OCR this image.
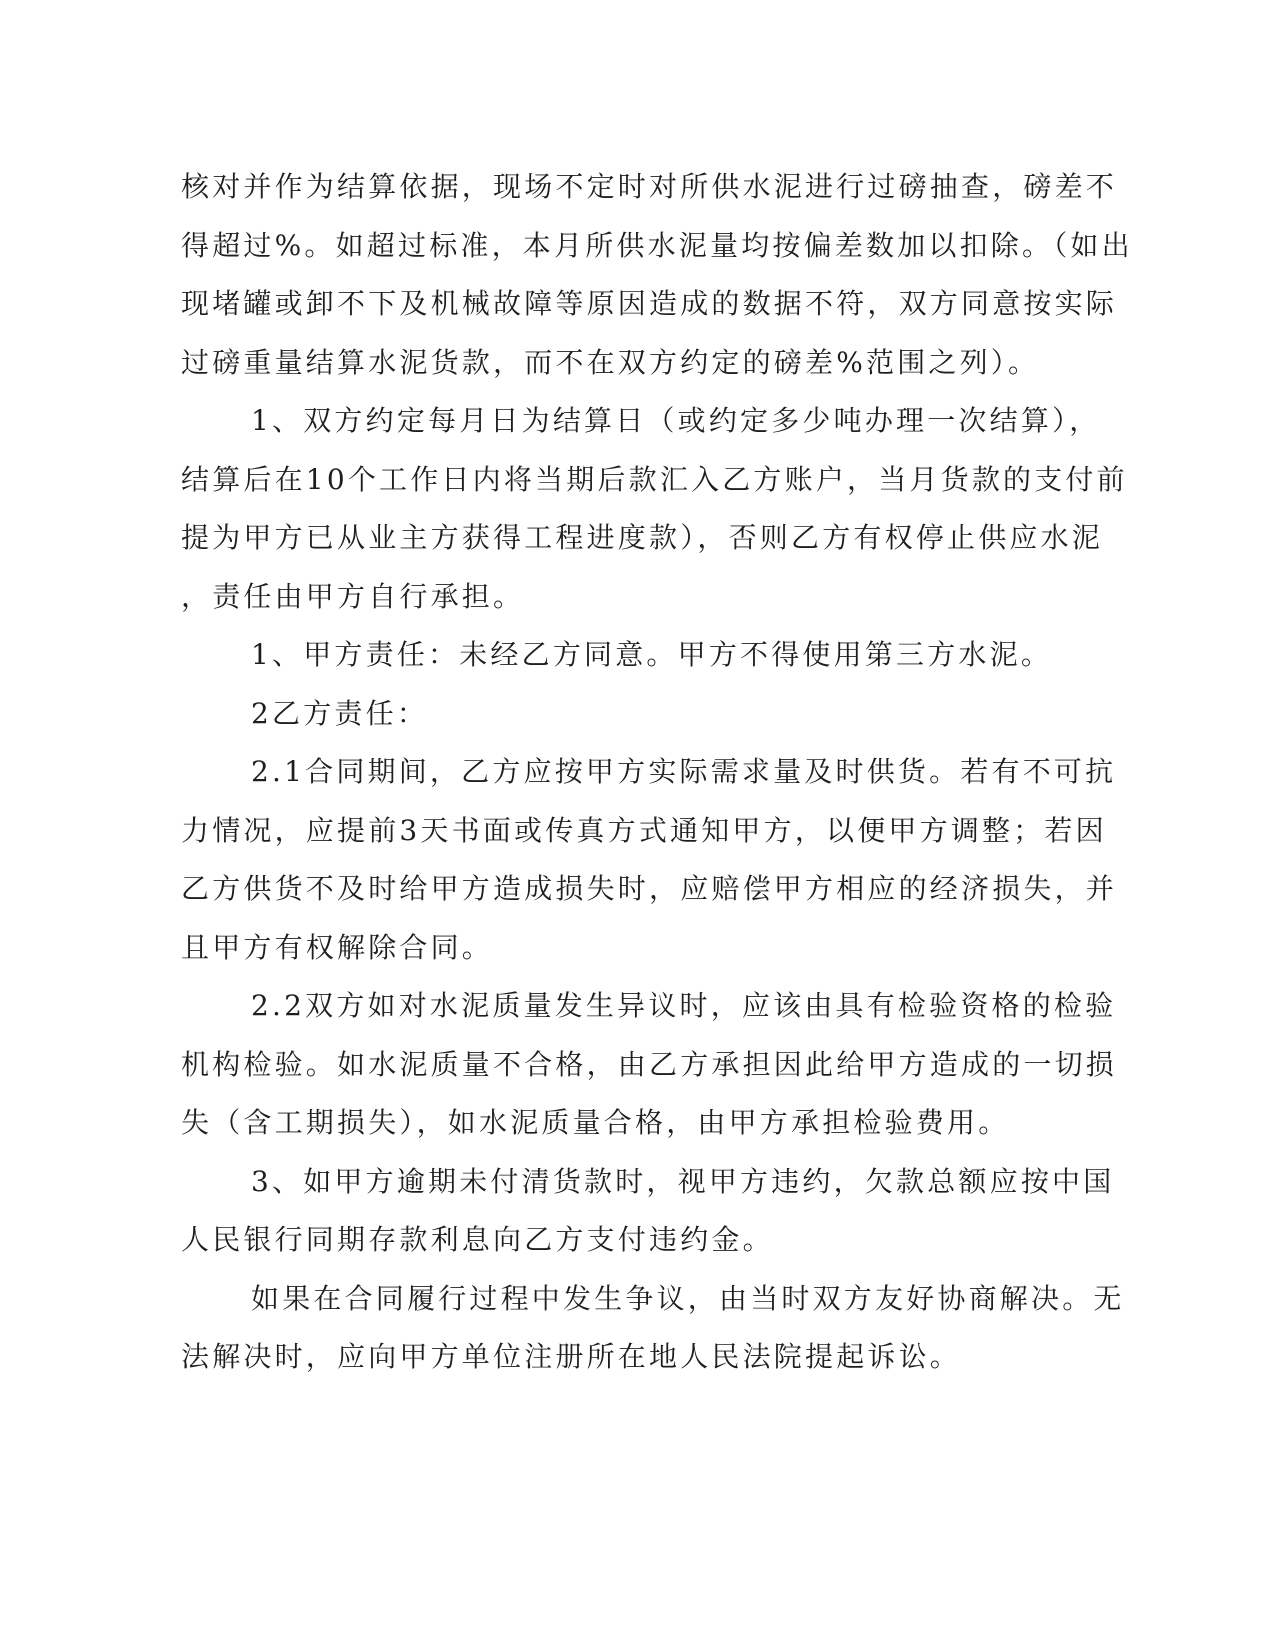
核对并作为结算依据，现场不定时对所供水泥进行过磅抽查，磅差不
得超过%。如超过标准，本月所供水泥量均按偏差数加以扣除。（如出
现堵罐或卸不下及机械故障等原因造成的数据不符，双方同意按实际
过磅重量结算水泥货款，而不在双方约定的磅差%范围之列）。
1、双方约定每月日为结算日（或约定多少吨办理一次结算），
结算后在10个工作日内将当期后款汇入乙方账户，当月货款的支付前
提为甲方已从业主方获得工程进度款），否则乙方有权停止供应水泥
，责任由甲方自行承担。
1、甲方责任：未经乙方同意。甲方不得使用第三方水泥。
2乙方责任：
2.1合同期间，乙方应按甲方实际需求量及时供货。若有不可抗
力情况，应提前3天书面或传真方式通知甲方，以便甲方调整；若因
乙方供货不及时给甲方造成损失时，应赔偿甲方相应的经济损失，并
且甲方有权解除合同。
2.2双方如对水泥质量发生异议时，应该由具有检验资格的检验
机构检验。如水泥质量不合格，由乙方承担因此给甲方造成的一切损
失（含工期损失），如水泥质量合格，由甲方承担检验费用。
3、如甲方逾期未付清货款时，视甲方违约，欠款总额应按中国
人民银行同期存款利息向乙方支付违约金。
如果在合同履行过程中发生争议，由当时双方友好协商解决。无
法解决时，应向甲方单位注册所在地人民法院提起诉讼。
